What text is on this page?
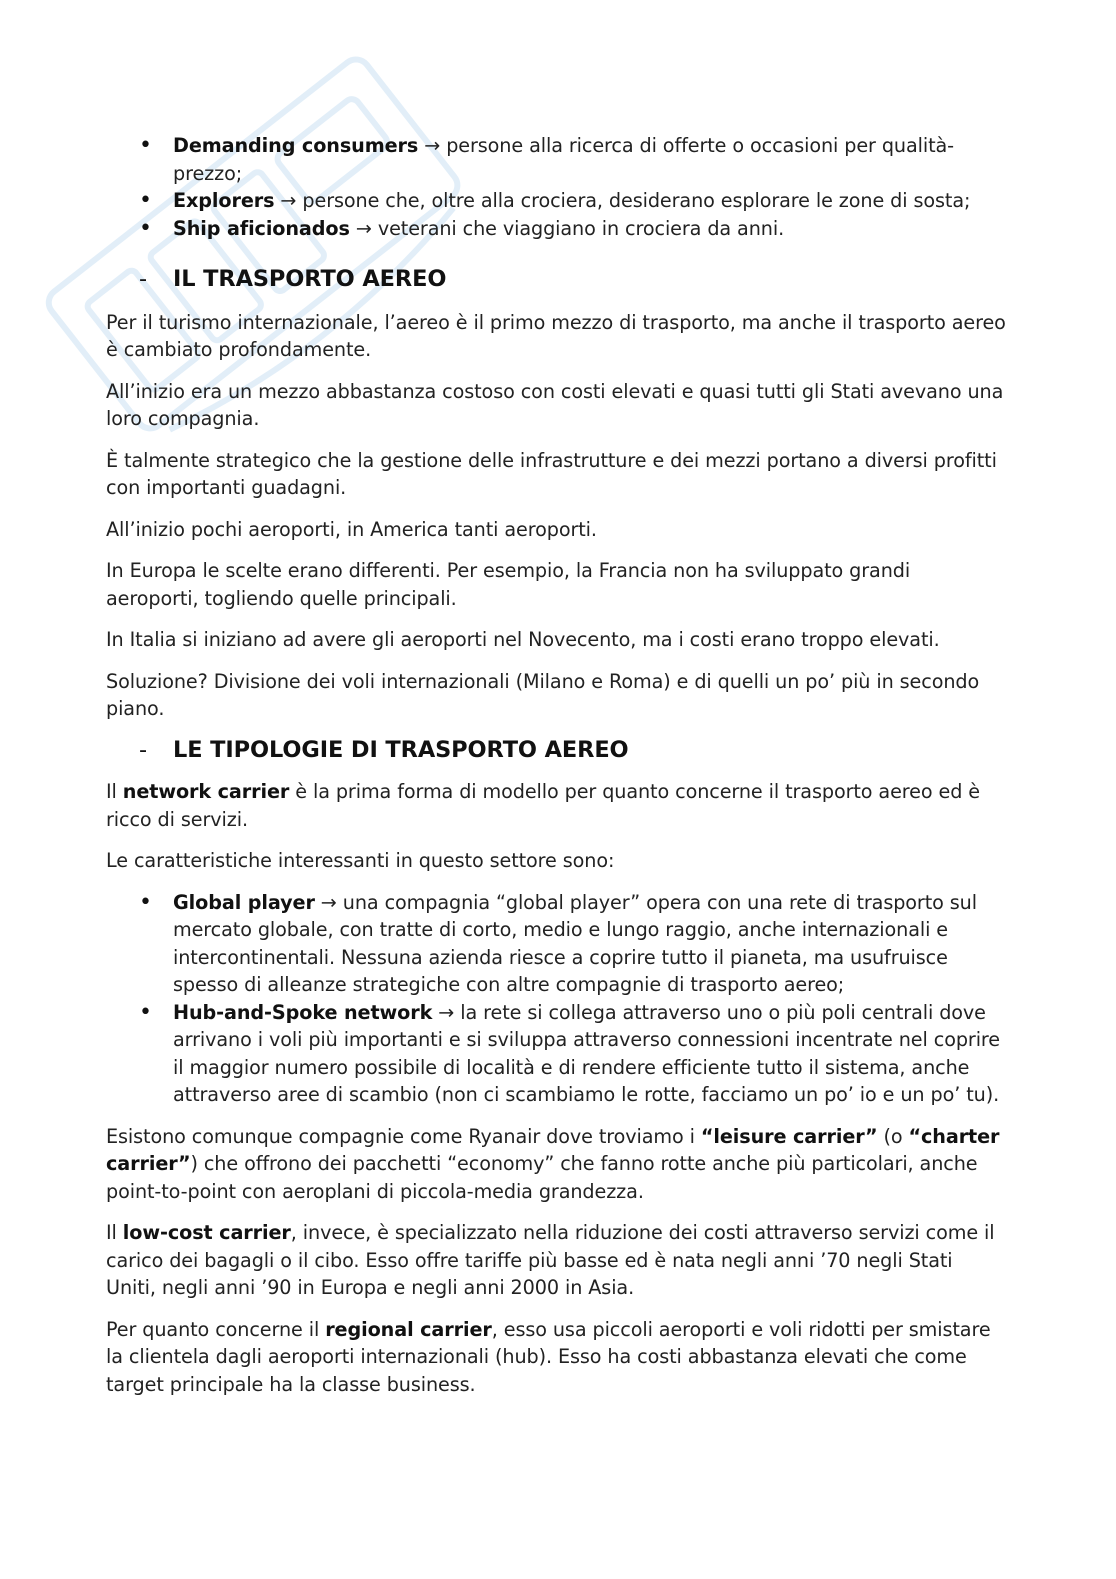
• Demanding consumers → persone alla ricerca di offerte o occasioni per qualità-prezzo;
• Explorers → persone che, oltre alla crociera, desiderano esplorare le zone di sosta;
• Ship aficionados → veterani che viaggiano in crociera da anni.
- IL TRASPORTO AEREO

Per il turismo internazionale, l’aereo è il primo mezzo di trasporto, ma anche il trasporto aereo è cambiato profondamente.

All’inizio era un mezzo abbastanza costoso con costi elevati e quasi tutti gli Stati avevano una loro compagnia.

È talmente strategico che la gestione delle infrastrutture e dei mezzi portano a diversi profitti con importanti guadagni.

All’inizio pochi aeroporti, in America tanti aeroporti.

In Europa le scelte erano differenti. Per esempio, la Francia non ha sviluppato grandi aeroporti, togliendo quelle principali.

In Italia si iniziano ad avere gli aeroporti nel Novecento, ma i costi erano troppo elevati.

Soluzione? Divisione dei voli internazionali (Milano e Roma) e di quelli un po’ più in secondo piano.

- LE TIPOLOGIE DI TRASPORTO AEREO

Il network carrier è la prima forma di modello per quanto concerne il trasporto aereo ed è ricco di servizi.

Le caratteristiche interessanti in questo settore sono:

• Global player → una compagnia “global player” opera con una rete di trasporto sul mercato globale, con tratte di corto, medio e lungo raggio, anche internazionali e intercontinentali. Nessuna azienda riesce a coprire tutto il pianeta, ma usufruisce spesso di alleanze strategiche con altre compagnie di trasporto aereo;
• Hub-and-Spoke network → la rete si collega attraverso uno o più poli centrali dove arrivano i voli più importanti e si sviluppa attraverso connessioni incentrate nel coprire il maggior numero possibile di località e di rendere efficiente tutto il sistema, anche attraverso aree di scambio (non ci scambiamo le rotte, facciamo un po’ io e un po’ tu).

Esistono comunque compagnie come Ryanair dove troviamo i “leisure carrier” (o “charter carrier”) che offrono dei pacchetti “economy” che fanno rotte anche più particolari, anche point-to-point con aeroplani di piccola-media grandezza.

Il low-cost carrier, invece, è specializzato nella riduzione dei costi attraverso servizi come il carico dei bagagli o il cibo. Esso offre tariffe più basse ed è nata negli anni ’70 negli Stati Uniti, negli anni ’90 in Europa e negli anni 2000 in Asia.

Per quanto concerne il regional carrier, esso usa piccoli aeroporti e voli ridotti per smistare la clientela dagli aeroporti internazionali (hub). Esso ha costi abbastanza elevati che come target principale ha la classe business.
